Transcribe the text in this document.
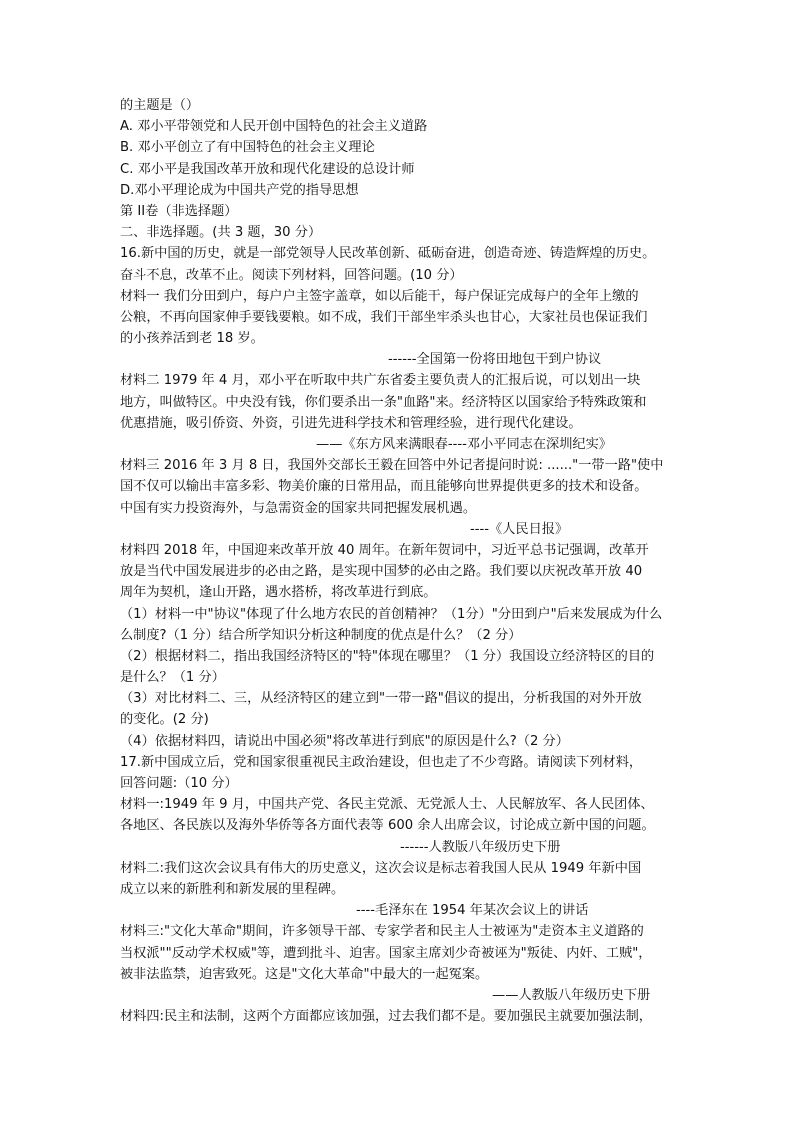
的主题是（）
A. 邓小平带领党和人民开创中国特色的社会主义道路
B. 邓小平创立了有中国特色的社会主义理论
C. 邓小平是我国改革开放和现代化建设的总设计师
D.邓小平理论成为中国共产党的指导思想
第 II卷（非选择题）
二、非选择题。(共 3 题，30 分）
16.新中国的历史，就是一部党领导人民改革创新、砥砺奋进，创造奇迹、铸造辉煌的历史。
奋斗不息，改革不止。阅读下列材料，回答问题。(10 分）
材料一 我们分田到户，每户户主签字盖章，如以后能干，每户保证完成每户的全年上缴的
公粮，不再向国家伸手要钱要粮。如不成，我们干部坐牢杀头也甘心，大家社员也保证我们
的小孩养活到老 18 岁。
------全国第一份将田地包干到户协议
材料二 1979 年 4 月，邓小平在听取中共广东省委主要负责人的汇报后说，可以划出一块
地方，叫做特区。中央没有钱，你们要杀出一条"血路"来。经济特区以国家给予特殊政策和
优惠措施，吸引侨资、外资，引进先进科学技术和管理经验，进行现代化建设。
——《东方风来满眼春----邓小平同志在深圳纪实》
材料三 2016 年 3 月 8 日，我国外交部长王毅在回答中外记者提问时说: ......"一带一路"使中
国不仅可以输出丰富多彩、物美价廉的日常用品，而且能够向世界提供更多的技术和设备。
中国有实力投资海外，与急需资金的国家共同把握发展机遇。
----《人民日报》
材料四 2018 年，中国迎来改革开放 40 周年。在新年贺词中，习近平总书记强调，改革开
放是当代中国发展进步的必由之路，是实现中国梦的必由之路。我们要以庆祝改革开放 40
周年为契机，逢山开路，遇水搭桥，将改革进行到底。
（1）材料一中"协议"体现了什么地方农民的首创精神？（1分）"分田到户"后来发展成为什么
么制度?（1 分）结合所学知识分析这种制度的优点是什么？（2 分）
（2）根据材料二，指出我国经济特区的"特"体现在哪里？（1 分）我国设立经济特区的目的
是什么？（1 分）
（3）对比材料二、三，从经济特区的建立到"一带一路"倡议的提出，分析我国的对外开放
的变化。(2 分)
（4）依据材料四，请说出中国必须"将改革进行到底"的原因是什么?（2 分）
17.新中国成立后，党和国家很重视民主政治建设，但也走了不少弯路。请阅读下列材料，
回答问题:（10 分）
材料一:1949 年 9 月，中国共产党、各民主党派、无党派人士、人民解放军、各人民团体、
各地区、各民族以及海外华侨等各方面代表等 600 余人出席会议，讨论成立新中国的问题。
------人教版八年级历史下册
材料二:我们这次会议具有伟大的历史意义，这次会议是标志着我国人民从 1949 年新中国
成立以来的新胜利和新发展的里程碑。
----毛泽东在 1954 年某次会议上的讲话
材料三:"文化大革命"期间，许多领导干部、专家学者和民主人士被诬为"走资本主义道路的
当权派""反动学术权威"等，遭到批斗、迫害。国家主席刘少奇被诬为"叛徒、内奸、工贼"，
被非法监禁，迫害致死。这是"文化大革命"中最大的一起冤案。
——人教版八年级历史下册
材料四:民主和法制，这两个方面都应该加强，过去我们都不是。要加强民主就要加强法制，
